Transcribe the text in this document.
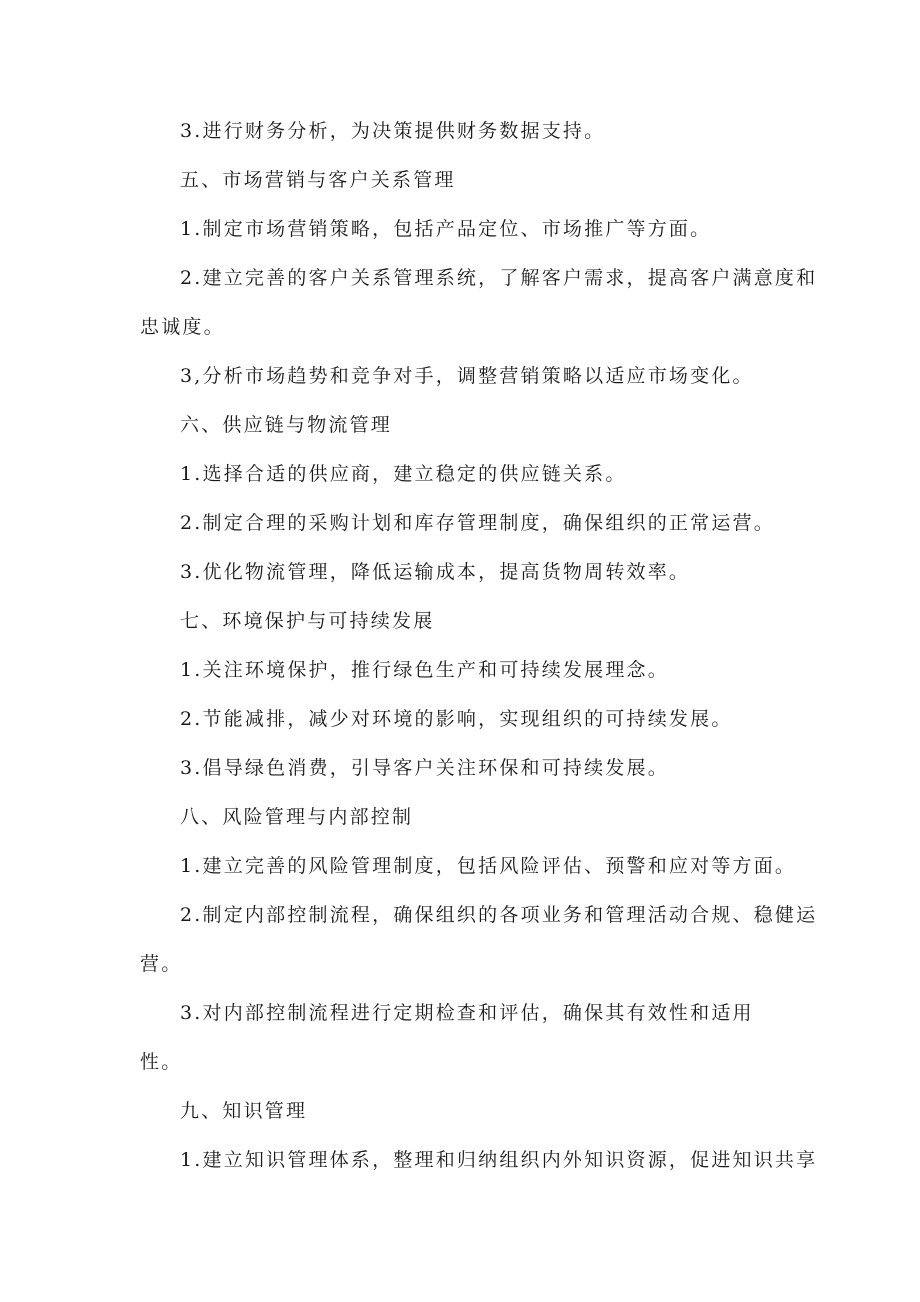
3.进行财务分析，为决策提供财务数据支持。
五、市场营销与客户关系管理
1.制定市场营销策略，包括产品定位、市场推广等方面。
2.建立完善的客户关系管理系统，了解客户需求，提高客户满意度和
忠诚度。
3,分析市场趋势和竞争对手，调整营销策略以适应市场变化。
六、供应链与物流管理
1.选择合适的供应商，建立稳定的供应链关系。
2.制定合理的采购计划和库存管理制度，确保组织的正常运营。
3.优化物流管理，降低运输成本，提高货物周转效率。
七、环境保护与可持续发展
1.关注环境保护，推行绿色生产和可持续发展理念。
2.节能减排，减少对环境的影响，实现组织的可持续发展。
3.倡导绿色消费，引导客户关注环保和可持续发展。
八、风险管理与内部控制
1.建立完善的风险管理制度，包括风险评估、预警和应对等方面。
2.制定内部控制流程，确保组织的各项业务和管理活动合规、稳健运
营。
3.对内部控制流程进行定期检查和评估，确保其有效性和适用
性。
九、知识管理
1.建立知识管理体系，整理和归纳组织内外知识资源，促进知识共享
